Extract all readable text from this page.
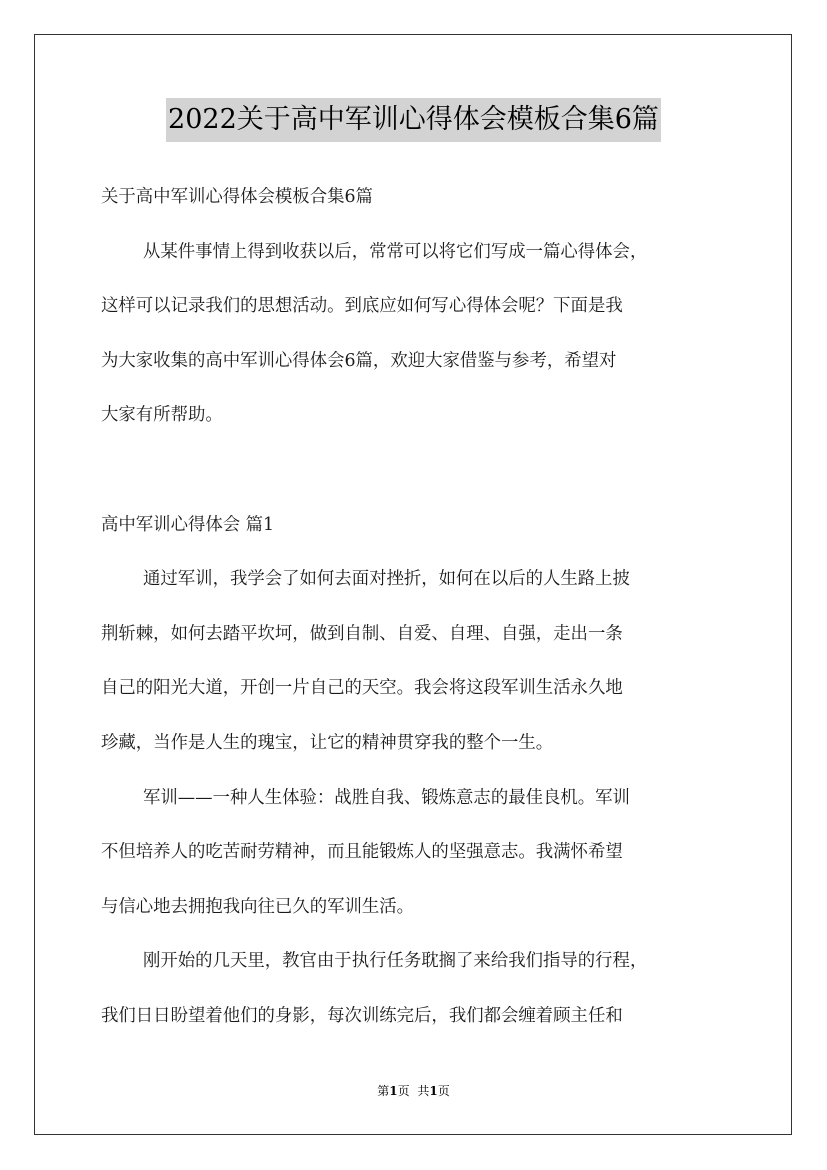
2022关于高中军训心得体会模板合集6篇
关于高中军训心得体会模板合集6篇
从某件事情上得到收获以后，常常可以将它们写成一篇心得体会，
这样可以记录我们的思想活动。到底应如何写心得体会呢？下面是我
为大家收集的高中军训心得体会6篇，欢迎大家借鉴与参考，希望对
大家有所帮助。
高中军训心得体会 篇1
通过军训，我学会了如何去面对挫折，如何在以后的人生路上披
荆斩棘，如何去踏平坎坷，做到自制、自爱、自理、自强，走出一条
自己的阳光大道，开创一片自己的天空。我会将这段军训生活永久地
珍藏，当作是人生的瑰宝，让它的精神贯穿我的整个一生。
军训——一种人生体验：战胜自我、锻炼意志的最佳良机。军训
不但培养人的吃苦耐劳精神，而且能锻炼人的坚强意志。我满怀希望
与信心地去拥抱我向往已久的军训生活。
刚开始的几天里，教官由于执行任务耽搁了来给我们指导的行程，
我们日日盼望着他们的身影，每次训练完后，我们都会缠着顾主任和
第1页 共1页
